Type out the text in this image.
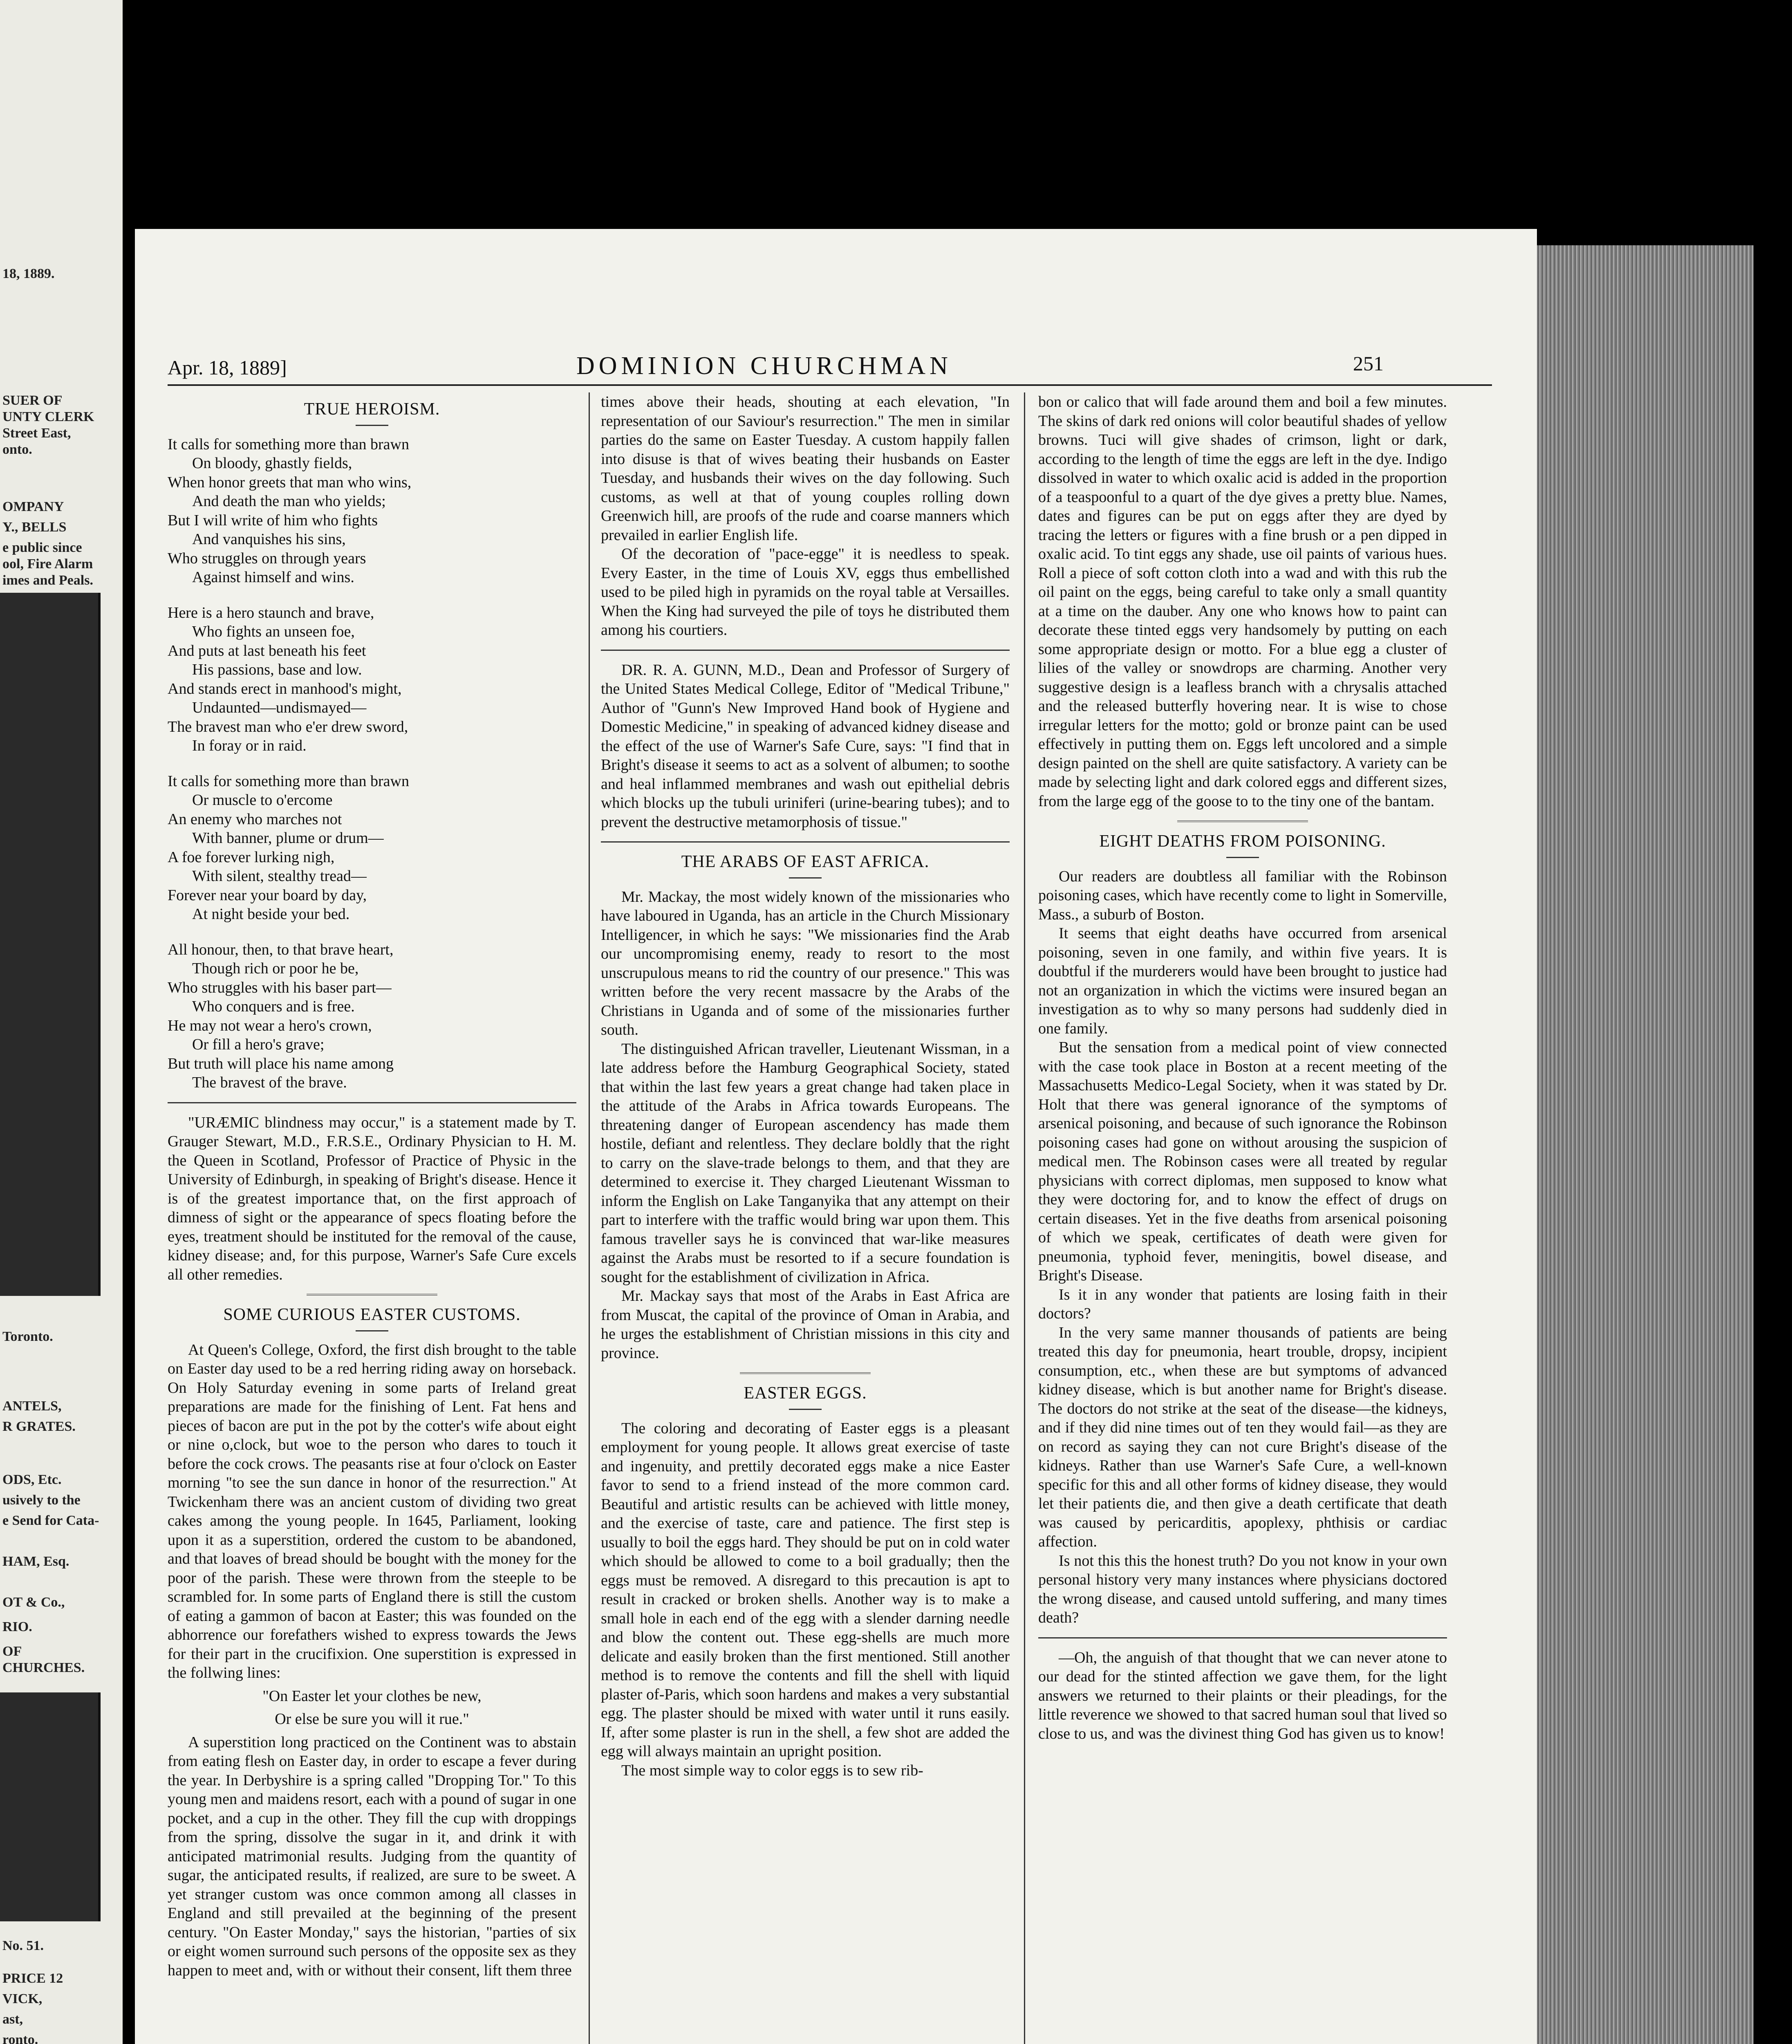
18, 1889.
SUER OF
UNTY CLERK
Street East,
onto.
OMPANY
Y., BELLS
e public since
ool, Fire Alarm
imes and Peals.
Toronto.
ANTELS,
R GRATES.
ODS, Etc.
usively to the
e Send for Cata-
HAM, Esq.
OT & Co.,
RIO.
OF
CHURCHES.
No. 51.
PRICE 12
VICK,
ast,
ronto.
Apr. 18, 1889]	DOMINION CHURCHMAN	251
TRUE HEROISM.

It calls for something more than brawn

On bloody, ghastly fields,

When honor greets that man who wins,

And death the man who yields;

But I will write of him who fights

And vanquishes his sins,

Who struggles on through years

Against himself and wins.

Here is a hero staunch and brave,

Who fights an unseen foe,

And puts at last beneath his feet

His passions, base and low.

And stands erect in manhood's might,

Undaunted—undismayed—

The bravest man who e'er drew sword,

In foray or in raid.

It calls for something more than brawn

Or muscle to o'ercome

An enemy who marches not

With banner, plume or drum—

A foe forever lurking nigh,

With silent, stealthy tread—

Forever near your board by day,

At night beside your bed.

All honour, then, to that brave heart,

Though rich or poor he be,

Who struggles with his baser part—

Who conquers and is free.

He may not wear a hero's crown,

Or fill a hero's grave;

But truth will place his name among

The bravest of the brave.

"URÆMIC blindness may occur," is a statement made by T. Grauger Stewart, M.D., F.R.S.E., Ordinary Physician to H. M. the Queen in Scotland, Professor of Practice of Physic in the University of Edinburgh, in speaking of Bright's disease. Hence it is of the greatest importance that, on the first approach of dimness of sight or the appearance of specs floating before the eyes, treatment should be instituted for the removal of the cause, kidney disease; and, for this purpose, Warner's Safe Cure excels all other remedies.

SOME CURIOUS EASTER CUSTOMS.

At Queen's College, Oxford, the first dish brought to the table on Easter day used to be a red herring riding away on horseback. On Holy Saturday evening in some parts of Ireland great preparations are made for the finishing of Lent. Fat hens and pieces of bacon are put in the pot by the cotter's wife about eight or nine o,clock, but woe to the person who dares to touch it before the cock crows. The peasants rise at four o'clock on Easter morning "to see the sun dance in honor of the resurrection." At Twickenham there was an ancient custom of dividing two great cakes among the young people. In 1645, Parliament, looking upon it as a superstition, ordered the custom to be abandoned, and that loaves of bread should be bought with the money for the poor of the parish. These were thrown from the steeple to be scrambled for. In some parts of England there is still the custom of eating a gammon of bacon at Easter; this was founded on the abhorrence our forefathers wished to express towards the Jews for their part in the crucifixion. One superstition is expressed in the follwing lines:

"On Easter let your clothes be new,
Or else be sure you will it rue."

A superstition long practiced on the Continent was to abstain from eating flesh on Easter day, in order to escape a fever during the year. In Derbyshire is a spring called "Dropping Tor." To this young men and maidens resort, each with a pound of sugar in one pocket, and a cup in the other. They fill the cup with droppings from the spring, dissolve the sugar in it, and drink it with anticipated matrimonial results. Judging from the quantity of sugar, the anticipated results, if realized, are sure to be sweet. A yet stranger custom was once common among all classes in England and still prevailed at the beginning of the present century. "On Easter Monday," says the historian, "parties of six or eight women surround such persons of the opposite sex as they happen to meet and, with or without their consent, lift them three

times above their heads, shouting at each elevation, "In representation of our Saviour's resurrection." The men in similar parties do the same on Easter Tuesday. A custom happily fallen into disuse is that of wives beating their husbands on Easter Tuesday, and husbands their wives on the day following. Such customs, as well at that of young couples rolling down Greenwich hill, are proofs of the rude and coarse manners which prevailed in earlier English life.

Of the decoration of "pace-egge" it is needless to speak. Every Easter, in the time of Louis XV, eggs thus embellished used to be piled high in pyramids on the royal table at Versailles. When the King had surveyed the pile of toys he distributed them among his courtiers.

DR. R. A. GUNN, M.D., Dean and Professor of Surgery of the United States Medical College, Editor of "Medical Tribune," Author of "Gunn's New Improved Hand book of Hygiene and Domestic Medicine," in speaking of advanced kidney disease and the effect of the use of Warner's Safe Cure, says: "I find that in Bright's disease it seems to act as a solvent of albumen; to soothe and heal inflammed membranes and wash out epithelial debris which blocks up the tubuli uriniferi (urine-bearing tubes); and to prevent the destructive metamorphosis of tissue."

THE ARABS OF EAST AFRICA.

Mr. Mackay, the most widely known of the missionaries who have laboured in Uganda, has an article in the Church Missionary Intelligencer, in which he says: "We missionaries find the Arab our uncompromising enemy, ready to resort to the most unscrupulous means to rid the country of our presence." This was written before the very recent massacre by the Arabs of the Christians in Uganda and of some of the missionaries further south.

The distinguished African traveller, Lieutenant Wissman, in a late address before the Hamburg Geographical Society, stated that within the last few years a great change had taken place in the attitude of the Arabs in Africa towards Europeans. The threatening danger of European ascendency has made them hostile, defiant and relentless. They declare boldly that the right to carry on the slave-trade belongs to them, and that they are determined to exercise it. They charged Lieutenant Wissman to inform the English on Lake Tanganyika that any attempt on their part to interfere with the traffic would bring war upon them. This famous traveller says he is convinced that war-like measures against the Arabs must be resorted to if a secure foundation is sought for the establishment of civilization in Africa.

Mr. Mackay says that most of the Arabs in East Africa are from Muscat, the capital of the province of Oman in Arabia, and he urges the establishment of Christian missions in this city and province.

EASTER EGGS.

The coloring and decorating of Easter eggs is a pleasant employment for young people. It allows great exercise of taste and ingenuity, and prettily decorated eggs make a nice Easter favor to send to a friend instead of the more common card. Beautiful and artistic results can be achieved with little money, and the exercise of taste, care and patience. The first step is usually to boil the eggs hard. They should be put on in cold water which should be allowed to come to a boil gradually; then the eggs must be removed. A disregard to this precaution is apt to result in cracked or broken shells. Another way is to make a small hole in each end of the egg with a slender darning needle and blow the content out. These egg-shells are much more delicate and easily broken than the first mentioned. Still another method is to remove the contents and fill the shell with liquid plaster of-Paris, which soon hardens and makes a very substantial egg. The plaster should be mixed with water until it runs easily. If, after some plaster is run in the shell, a few shot are added the egg will always maintain an upright position.

The most simple way to color eggs is to sew rib-

bon or calico that will fade around them and boil a few minutes. The skins of dark red onions will color beautiful shades of yellow browns. Tuci will give shades of crimson, light or dark, according to the length of time the eggs are left in the dye. Indigo dissolved in water to which oxalic acid is added in the proportion of a teaspoonful to a quart of the dye gives a pretty blue. Names, dates and figures can be put on eggs after they are dyed by tracing the letters or figures with a fine brush or a pen dipped in oxalic acid. To tint eggs any shade, use oil paints of various hues. Roll a piece of soft cotton cloth into a wad and with this rub the oil paint on the eggs, being careful to take only a small quantity at a time on the dauber. Any one who knows how to paint can decorate these tinted eggs very handsomely by putting on each some appropriate design or motto. For a blue egg a cluster of lilies of the valley or snowdrops are charming. Another very suggestive design is a leafless branch with a chrysalis attached and the released butterfly hovering near. It is wise to chose irregular letters for the motto; gold or bronze paint can be used effectively in putting them on. Eggs left uncolored and a simple design painted on the shell are quite satisfactory. A variety can be made by selecting light and dark colored eggs and different sizes, from the large egg of the goose to to the tiny one of the bantam.

EIGHT DEATHS FROM POISONING.

Our readers are doubtless all familiar with the Robinson poisoning cases, which have recently come to light in Somerville, Mass., a suburb of Boston.

It seems that eight deaths have occurred from arsenical poisoning, seven in one family, and within five years. It is doubtful if the murderers would have been brought to justice had not an organization in which the victims were insured began an investigation as to why so many persons had suddenly died in one family.

But the sensation from a medical point of view connected with the case took place in Boston at a recent meeting of the Massachusetts Medico-Legal Society, when it was stated by Dr. Holt that there was general ignorance of the symptoms of arsenical poisoning, and because of such ignorance the Robinson poisoning cases had gone on without arousing the suspicion of medical men. The Robinson cases were all treated by regular physicians with correct diplomas, men supposed to know what they were doctoring for, and to know the effect of drugs on certain diseases. Yet in the five deaths from arsenical poisoning of which we speak, certificates of death were given for pneumonia, typhoid fever, meningitis, bowel disease, and Bright's Disease.

Is it in any wonder that patients are losing faith in their doctors?

In the very same manner thousands of patients are being treated this day for pneumonia, heart trouble, dropsy, incipient consumption, etc., when these are but symptoms of advanced kidney disease, which is but another name for Bright's disease. The doctors do not strike at the seat of the disease—the kidneys, and if they did nine times out of ten they would fail—as they are on record as saying they can not cure Bright's disease of the kidneys. Rather than use Warner's Safe Cure, a well-known specific for this and all other forms of kidney disease, they would let their patients die, and then give a death certificate that death was caused by pericarditis, apoplexy, phthisis or cardiac affection.

Is not this this the honest truth? Do you not know in your own personal history very many instances where physicians doctored the wrong disease, and caused untold suffering, and many times death?

—Oh, the anguish of that thought that we can never atone to our dead for the stinted affection we gave them, for the light answers we returned to their plaints or their pleadings, for the little reverence we showed to that sacred human soul that lived so close to us, and was the divinest thing God has given us to know!
